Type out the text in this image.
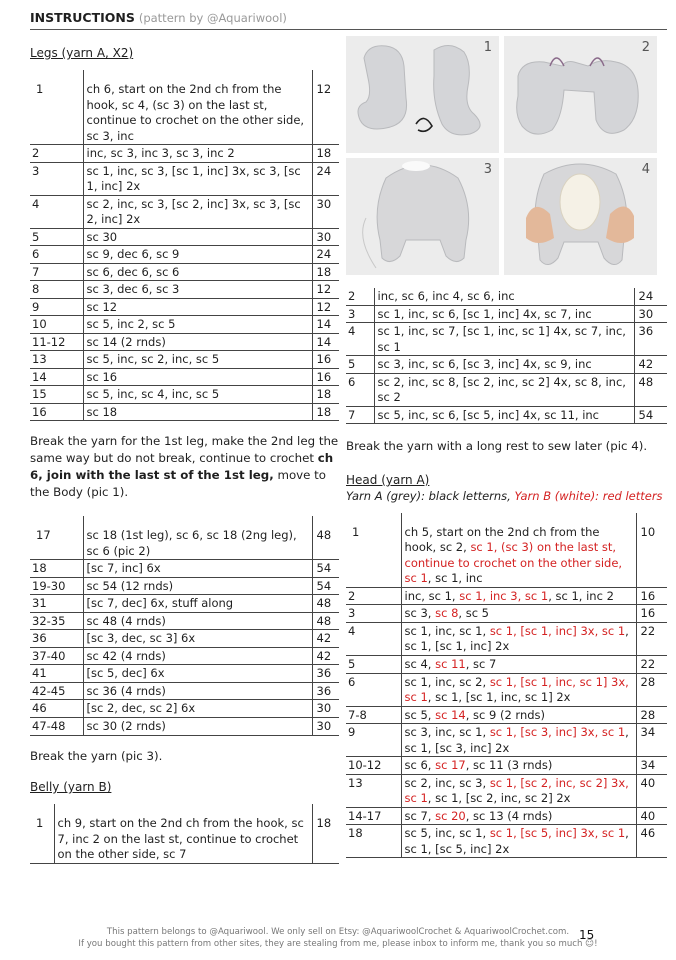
INSTRUCTIONS (pattern by @Aquariwool)
Legs (yarn A, X2)
1	ch 6, start on the 2nd ch from the hook, sc 4, (sc 3) on the last st, continue to crochet on the other side, sc 3, inc	12
2	inc, sc 3, inc 3, sc 3, inc 2	18
3	sc 1, inc, sc 3, [sc 1, inc] 3x, sc 3, [sc 1, inc] 2x	24
4	sc 2, inc, sc 3, [sc 2, inc] 3x, sc 3, [sc 2, inc] 2x	30
5	sc 30	30
6	sc 9, dec 6, sc 9	24
7	sc 6, dec 6, sc 6	18
8	sc 3, dec 6, sc 3	12
9	sc 12	12
10	sc 5, inc 2, sc 5	14
11-12	sc 14 (2 rnds)	14
13	sc 5, inc, sc 2, inc, sc 5	16
14	sc 16	16
15	sc 5, inc, sc 4, inc, sc 5	18
16	sc 18	18

Break the yarn for the 1st leg, make the 2nd leg the same way but do not break, continue to crochet ch 6, join with the last st of the 1st leg, move to the Body (pic 1).

17	sc 18 (1st leg), sc 6, sc 18 (2ng leg), sc 6 (pic 2)	48
18	[sc 7, inc] 6x	54
19-30	sc 54 (12 rnds)	54
31	[sc 7, dec] 6x, stuff along	48
32-35	sc 48 (4 rnds)	48
36	[sc 3, dec, sc 3] 6x	42
37-40	sc 42 (4 rnds)	42
41	[sc 5, dec] 6x	36
42-45	sc 36 (4 rnds)	36
46	[sc 2, dec, sc 2] 6x	30
47-48	sc 30 (2 rnds)	30

Break the yarn (pic 3).

Belly (yarn B)
1	ch 9, start on the 2nd ch from the hook, sc 7, inc 2 on the last st, continue to crochet on the other side, sc 7	18
1	2
3	4
2	inc, sc 6, inc 4, sc 6, inc	24
3	sc 1, inc, sc 6, [sc 1, inc] 4x, sc 7, inc	30
4	sc 1, inc, sc 7, [sc 1, inc, sc 1] 4x, sc 7, inc, sc 1	36
5	sc 3, inc, sc 6, [sc 3, inc] 4x, sc 9, inc	42
6	sc 2, inc, sc 8, [sc 2, inc, sc 2] 4x, sc 8, inc, sc 2	48
7	sc 5, inc, sc 6, [sc 5, inc] 4x, sc 11, inc	54

Break the yarn with a long rest to sew later (pic 4).

Head (yarn A)
Yarn A (grey): black letterns, Yarn B (white): red letters
1	ch 5, start on the 2nd ch from the hook, sc 2, sc 1, (sc 3) on the last st, continue to crochet on the other side, sc 1, sc 1, inc	10
2	inc, sc 1, sc 1, inc 3, sc 1, sc 1, inc 2	16
3	sc 3, sc 8, sc 5	16
4	sc 1, inc, sc 1, sc 1, [sc 1, inc] 3x, sc 1, sc 1, [sc 1, inc] 2x	22
5	sc 4, sc 11, sc 7	22
6	sc 1, inc, sc 2, sc 1, [sc 1, inc, sc 1] 3x, sc 1, sc 1, [sc 1, inc, sc 1] 2x	28
7-8	sc 5, sc 14, sc 9 (2 rnds)	28
9	sc 3, inc, sc 1, sc 1, [sc 3, inc] 3x, sc 1, sc 1, [sc 3, inc] 2x	34
10-12	sc 6, sc 17, sc 11 (3 rnds)	34
13	sc 2, inc, sc 3, sc 1, [sc 2, inc, sc 2] 3x, sc 1, sc 1, [sc 2, inc, sc 2] 2x	40
14-17	sc 7, sc 20, sc 13 (4 rnds)	40
18	sc 5, inc, sc 1, sc 1, [sc 5, inc] 3x, sc 1, sc 1, [sc 5, inc] 2x	46
This pattern belongs to @Aquariwool. We only sell on Etsy: @AquariwoolCrochet & AquariwoolCrochet.com.
If you bought this pattern from other sites, they are stealing from me, please inbox to inform me, thank you so much ☺!
15
